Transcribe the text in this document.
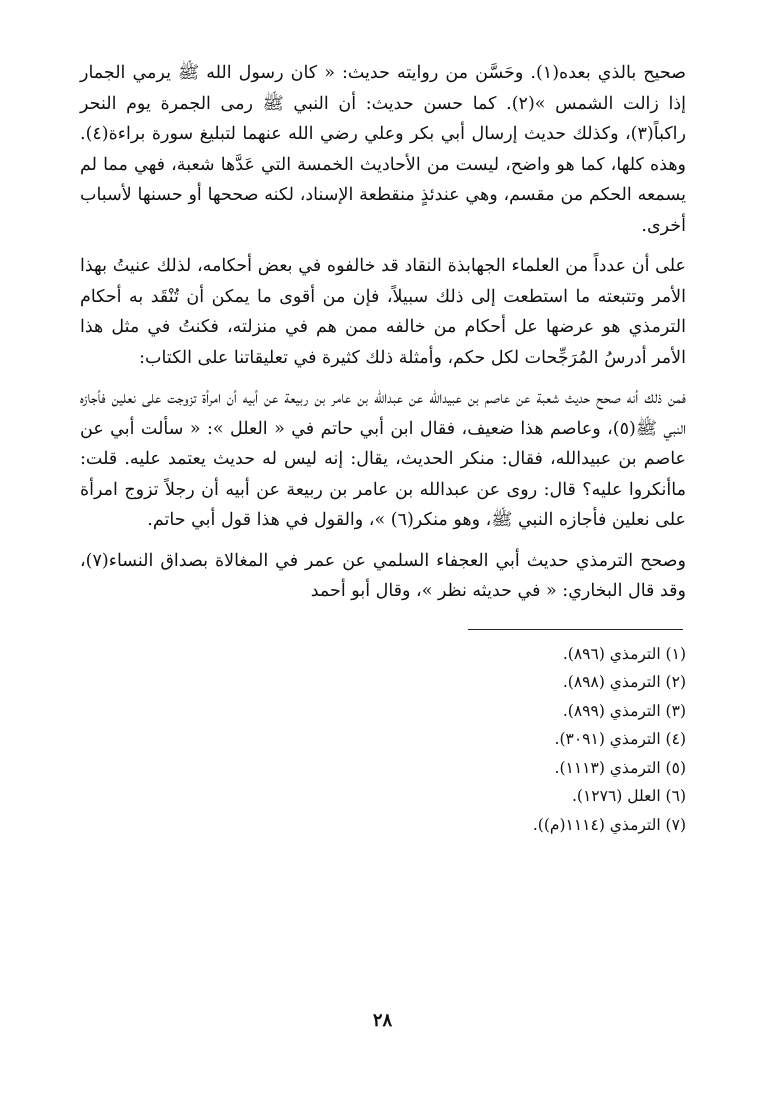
صحيح بالذي بعده(١). وحَسَّن من روايته حديث: « كان رسول الله ﷺ يرمي الجمار إذا زالت الشمس »(٢). كما حسن حديث: أن النبي ﷺ رمى الجمرة يوم النحر راكباً(٣)، وكذلك حديث إرسال أبي بكر وعلي رضي الله عنهما لتبليغ سورة براءة(٤). وهذه كلها، كما هو واضح، ليست من الأحاديث الخمسة التي عَدَّها شعبة، فهي مما لم يسمعه الحكم من مقسم، وهي عندئذٍ منقطعة الإسناد، لكنه صححها أو حسنها لأسباب أخرى.

على أن عدداً من العلماء الجهابذة النقاد قد خالفوه في بعض أحكامه، لذلك عنيتُ بهذا الأمر وتتبعته ما استطعت إلى ذلك سبيلاً، فإن من أقوى ما يمكن أن تُنْقَد به أحكام الترمذي هو عرضها عل أحكام من خالفه ممن هم في منزلته، فكنتُ في مثل هذا الأمر أدرسُ المُرَجِّحات لكل حكم، وأمثلة ذلك كثيرة في تعليقاتنا على الكتاب:

فمن ذلك أنه صحح حديث شعبة عن عاصم بن عبيدالله عن عبدالله بن عامر بن ربيعة عن أبيه أن امرأة تزوجت على نعلين فأجازه النبي ﷺ(٥)، وعاصم هذا ضعيف، فقال ابن أبي حاتم في « العلل »: « سألت أبي عن عاصم بن عبيدالله، فقال: منكر الحديث، يقال: إنه ليس له حديث يعتمد عليه. قلت: ماأنكروا عليه؟ قال: روى عن عبدالله بن عامر بن ربيعة عن أبيه أن رجلاً تزوج امرأة على نعلين فأجازه النبي ﷺ، وهو منكر(٦) »، والقول في هذا قول أبي حاتم.

وصحح الترمذي حديث أبي العجفاء السلمي عن عمر في المغالاة بصداق النساء(٧)، وقد قال البخاري: « في حديثه نظر »، وقال أبو أحمد

(١) الترمذي (٨٩٦).
(٢) الترمذي (٨٩٨).
(٣) الترمذي (٨٩٩).
(٤) الترمذي (٣٠٩١).
(٥) الترمذي (١١١٣).
(٦) العلل (١٢٧٦).
(٧) الترمذي (١١١٤(م)).
٢٨
